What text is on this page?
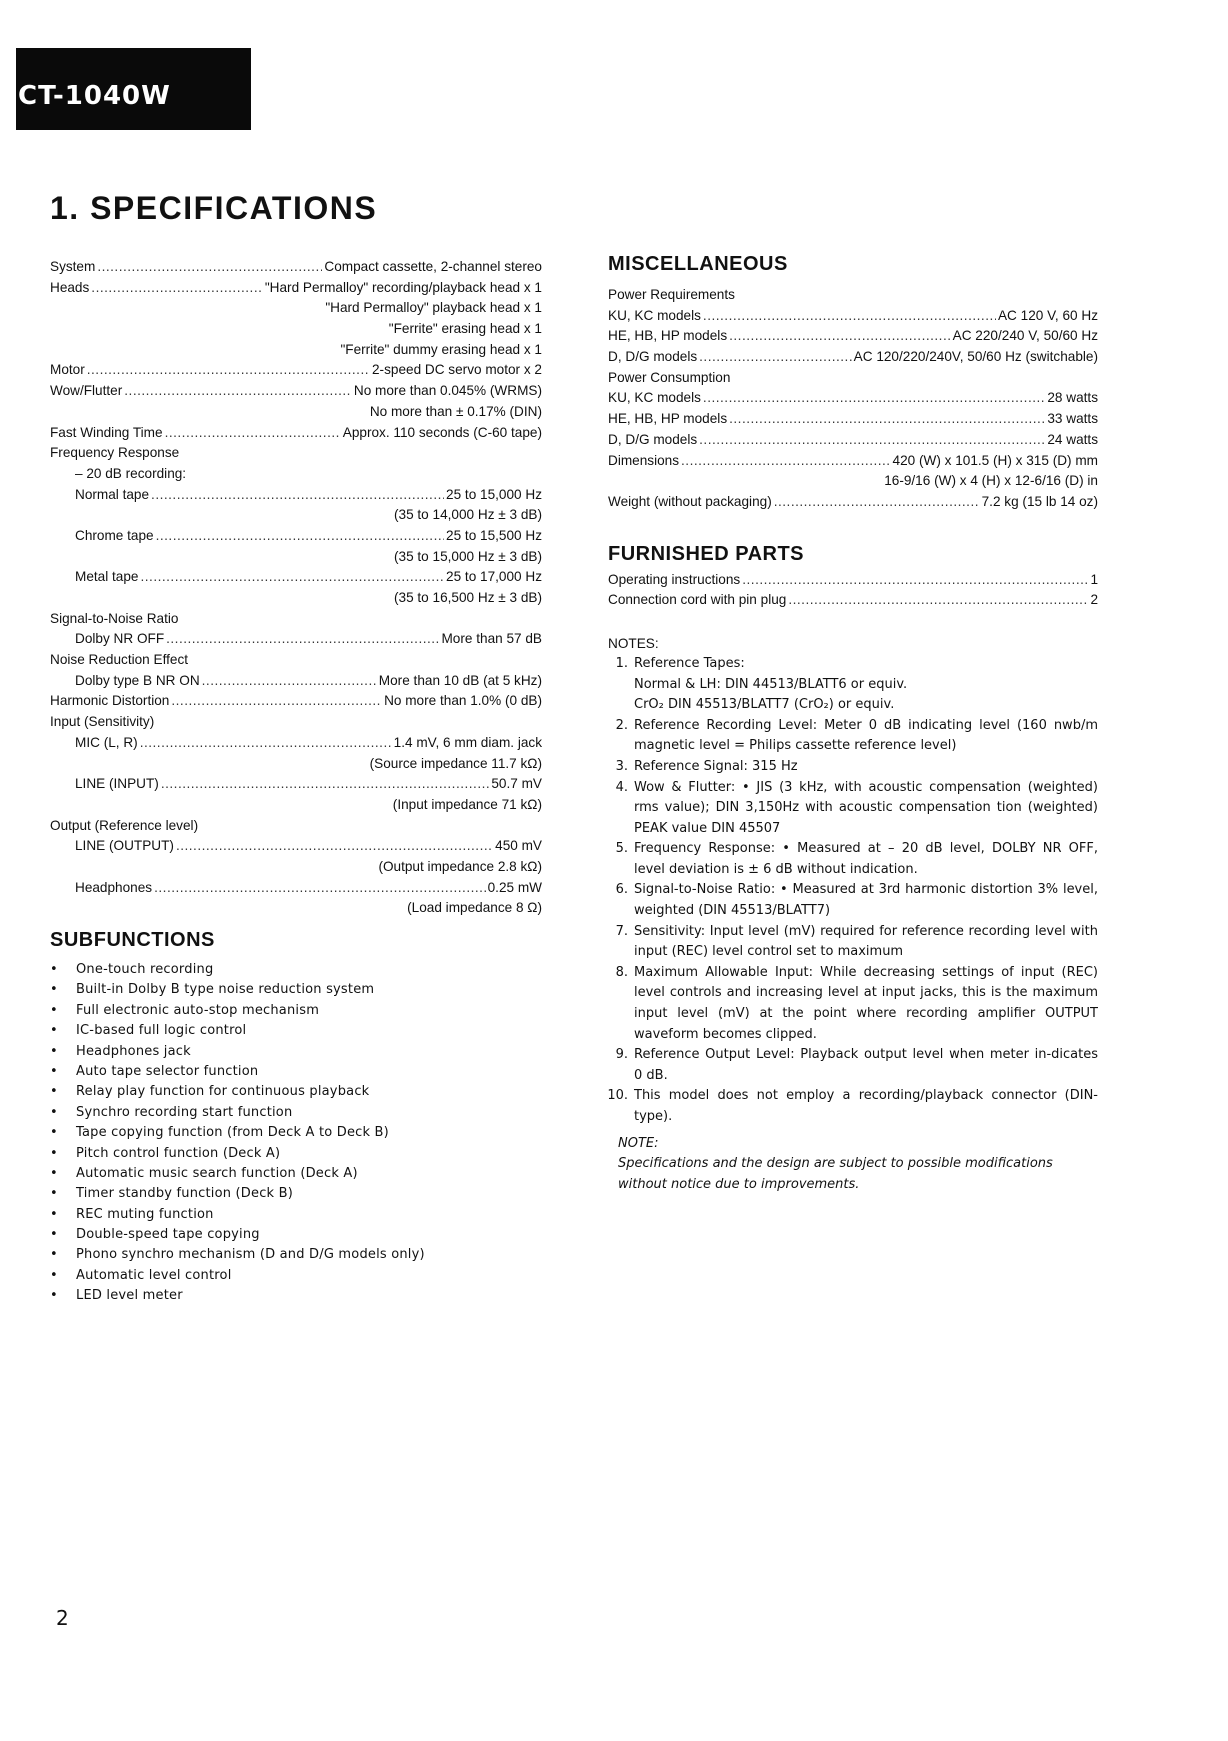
CT-1040W
1. SPECIFICATIONS
System .....	Compact cassette, 2-channel stereo
Heads .....	"Hard Permalloy" recording/playback head x 1
"Hard Permalloy" playback head x 1
"Ferrite" erasing head x 1
"Ferrite" dummy erasing head x 1
Motor .....	2-speed DC servo motor x 2
Wow/Flutter .....	No more than 0.045% (WRMS)
No more than ± 0.17% (DIN)
Fast Winding Time .....	Approx. 110 seconds (C-60 tape)
Frequency Response
– 20 dB recording:
Normal tape .....	25 to 15,000 Hz
(35 to 14,000 Hz ± 3 dB)
Chrome tape .....	25 to 15,500 Hz
(35 to 15,000 Hz ± 3 dB)
Metal tape .....	25 to 17,000 Hz
(35 to 16,500 Hz ± 3 dB)
Signal-to-Noise Ratio
Dolby NR OFF .....	More than 57 dB
Noise Reduction Effect
Dolby type B NR ON .....	More than 10 dB (at 5 kHz)
Harmonic Distortion .....	No more than 1.0% (0 dB)
Input (Sensitivity)
MIC (L, R) .....	1.4 mV, 6 mm diam. jack
(Source impedance 11.7 kΩ)
LINE (INPUT) .....	50.7 mV
(Input impedance 71 kΩ)
Output (Reference level)
LINE (OUTPUT) .....	450 mV
(Output impedance 2.8 kΩ)
Headphones .....	0.25 mW
(Load impedance 8 Ω)
SUBFUNCTIONS
• One-touch recording
• Built-in Dolby B type noise reduction system
• Full electronic auto-stop mechanism
• IC-based full logic control
• Headphones jack
• Auto tape selector function
• Relay play function for continuous playback
• Synchro recording start function
• Tape copying function (from Deck A to Deck B)
• Pitch control function (Deck A)
• Automatic music search function (Deck A)
• Timer standby function (Deck B)
• REC muting function
• Double-speed tape copying
• Phono synchro mechanism (D and D/G models only)
• Automatic level control
• LED level meter
MISCELLANEOUS
Power Requirements
KU, KC models .....	AC 120 V, 60 Hz
HE, HB, HP models .....	AC 220/240 V, 50/60 Hz
D, D/G models .....	AC 120/220/240V, 50/60 Hz (switchable)
Power Consumption
KU, KC models .....	28 watts
HE, HB, HP models .....	33 watts
D, D/G models .....	24 watts
Dimensions .....	420 (W) x 101.5 (H) x 315 (D) mm
16-9/16 (W) x 4 (H) x 12-6/16 (D) in
Weight (without packaging) .....	7.2 kg (15 lb 14 oz)
FURNISHED PARTS
Operating instructions .....	1
Connection cord with pin plug .....	2
NOTES:
1. Reference Tapes:
Normal & LH: DIN 44513/BLATT6 or equiv.
CrO₂ DIN 45513/BLATT7 (CrO₂) or equiv.
2. Reference Recording Level: Meter 0 dB indicating level (160 nwb/m magnetic level = Philips cassette reference level)
3. Reference Signal: 315 Hz
4. Wow & Flutter: • JIS (3 kHz, with acoustic compensation (weighted) rms value); DIN 3,150Hz with acoustic compensation tion (weighted) PEAK value DIN 45507
5. Frequency Response: • Measured at – 20 dB level, DOLBY NR OFF, level deviation is ± 6 dB without indication.
6. Signal-to-Noise Ratio: • Measured at 3rd harmonic distortion 3% level, weighted (DIN 45513/BLATT7)
7. Sensitivity: Input level (mV) required for reference recording level with input (REC) level control set to maximum
8. Maximum Allowable Input: While decreasing settings of input (REC) level controls and increasing level at input jacks, this is the maximum input level (mV) at the point where recording amplifier OUTPUT waveform becomes clipped.
9. Reference Output Level: Playback output level when meter in-dicates 0 dB.
10. This model does not employ a recording/playback connector (DIN-type).
NOTE:
Specifications and the design are subject to possible modifications without notice due to improvements.
2
